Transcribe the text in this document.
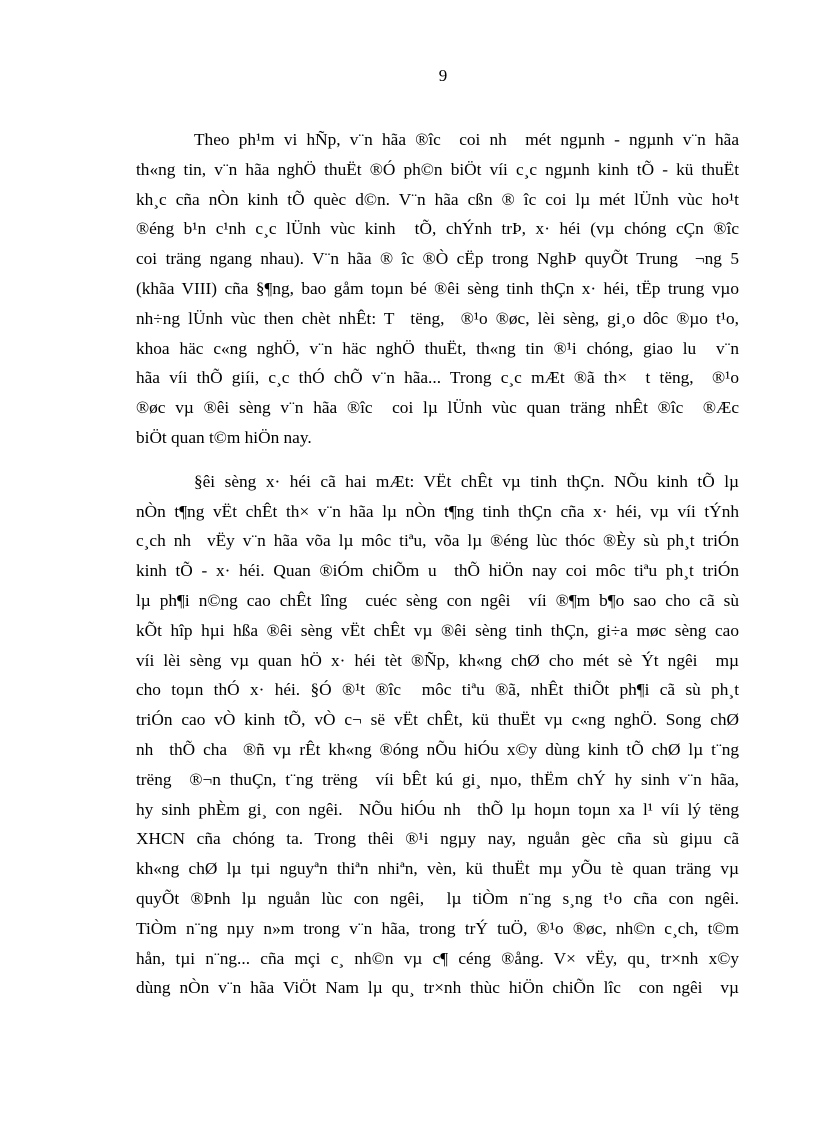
9
Theo ph¹m vi hÑp, v¨n hãa ®îc  coi nh  mét ngµnh - ngµnh v¨n hãa
th«ng tin, v¨n hãa nghÖ thuËt ®Ó ph©n biÖt víi c¸c ngµnh kinh tÕ - kü thuËt
kh¸c cña nÒn kinh tÕ quèc d©n. V¨n hãa cßn ® îc coi lµ mét lÜnh vùc ho¹t
®éng b¹n c¹nh c¸c lÜnh vùc kinh  tÕ, chÝnh trÞ, x· héi (vµ chóng cÇn ®îc
coi träng ngang nhau). V¨n hãa ® îc ®Ò cËp trong NghÞ quyÕt Trung  ¬ng 5
(khãa VIII) cña §¶ng, bao gåm toµn bé ®êi sèng tinh thÇn x· héi, tËp trung vµo
nh÷ng lÜnh vùc then chèt nhÊt: T  tëng,  ®¹o ®øc, lèi sèng, gi¸o dôc ®µo t¹o,
khoa häc c«ng nghÖ, v¨n häc nghÖ thuËt, th«ng tin ®¹i chóng, giao lu  v¨n
hãa víi thÕ giíi, c¸c thÓ chÕ v¨n hãa... Trong c¸c mÆt ®ã th×  t tëng,  ®¹o
®øc vµ ®êi sèng v¨n hãa ®îc  coi lµ lÜnh vùc quan träng nhÊt ®îc  ®Æc
biÖt quan t©m hiÖn nay.
§êi sèng x· héi cã hai mÆt: VËt chÊt vµ tinh thÇn. NÕu kinh tÕ lµ
nÒn t¶ng vËt chÊt th× v¨n hãa lµ nÒn t¶ng tinh thÇn cña x· héi, vµ víi tÝnh
c¸ch nh  vËy v¨n hãa võa lµ môc tiªu, võa lµ ®éng lùc thóc ®Èy sù ph¸t triÓn
kinh tÕ - x· héi. Quan ®iÓm chiÕm u  thÕ hiÖn nay coi môc tiªu ph¸t triÓn
lµ ph¶i n©ng cao chÊt lîng  cuéc sèng con ngêi  víi ®¶m b¶o sao cho cã sù
kÕt hîp hµi hßa ®êi sèng vËt chÊt vµ ®êi sèng tinh thÇn, gi÷a møc sèng cao
víi lèi sèng vµ quan hÖ x· héi tèt ®Ñp, kh«ng chØ cho mét sè Ýt ngêi  mµ
cho toµn thÓ x· héi. §Ó ®¹t ®îc  môc tiªu ®ã, nhÊt thiÕt ph¶i cã sù ph¸t
triÓn cao vÒ kinh tÕ, vÒ c¬ së vËt chÊt, kü thuËt vµ c«ng nghÖ. Song chØ
nh  thÕ cha  ®ñ vµ rÊt kh«ng ®óng nÕu hiÓu x©y dùng kinh tÕ chØ lµ t¨ng
trëng  ®¬n thuÇn, t¨ng trëng  víi bÊt kú gi¸ nµo, thËm chÝ hy sinh v¨n hãa,
hy sinh phÈm gi¸ con ngêi.  NÕu hiÓu nh  thÕ lµ hoµn toµn xa l¹ víi lý tëng
XHCN cña chóng ta. Trong thêi ®¹i ngµy nay, nguån gèc cña sù giµu cã
kh«ng chØ lµ tµi nguyªn thiªn nhiªn, vèn, kü thuËt mµ yÕu tè quan träng vµ
quyÕt ®Þnh lµ nguån lùc con ngêi,  lµ tiÒm n¨ng s¸ng t¹o cña con ngêi.
TiÒm n¨ng nµy n»m trong v¨n hãa, trong trÝ tuÖ, ®¹o ®øc, nh©n c¸ch, t©m
hån, tµi n¨ng... cña mçi c¸ nh©n vµ c¶ céng ®ång. V× vËy, qu¸ tr×nh x©y
dùng nÒn v¨n hãa ViÖt Nam lµ qu¸ tr×nh thùc hiÖn chiÕn lîc  con ngêi  vµ
